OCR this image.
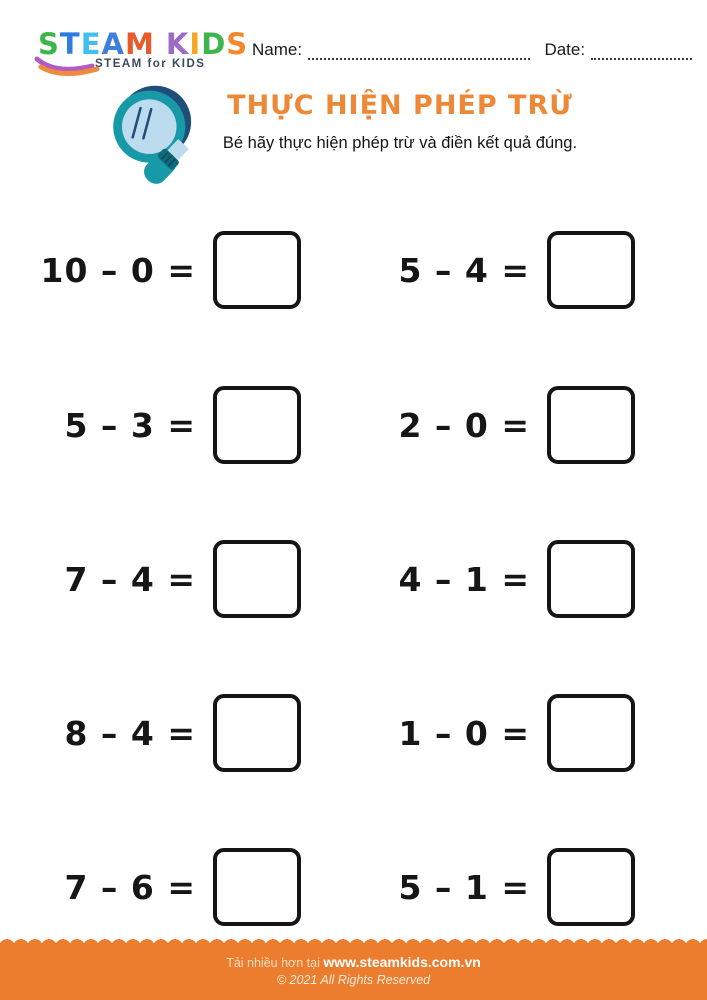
STEAM KIDS
STEAM for KIDS
Name:	Date:
THỰC HIỆN PHÉP TRỪ
Bé hãy thực hiện phép trừ và điền kết quả đúng.
10 – 0 =	5 – 4 =
5 – 3 =	2 – 0 =
7 – 4 =	4 – 1 =
8 – 4 =	1 – 0 =
7 – 6 =	5 – 1 =
Tải nhiều hơn tại www.steamkids.com.vn
© 2021 All Rights Reserved
